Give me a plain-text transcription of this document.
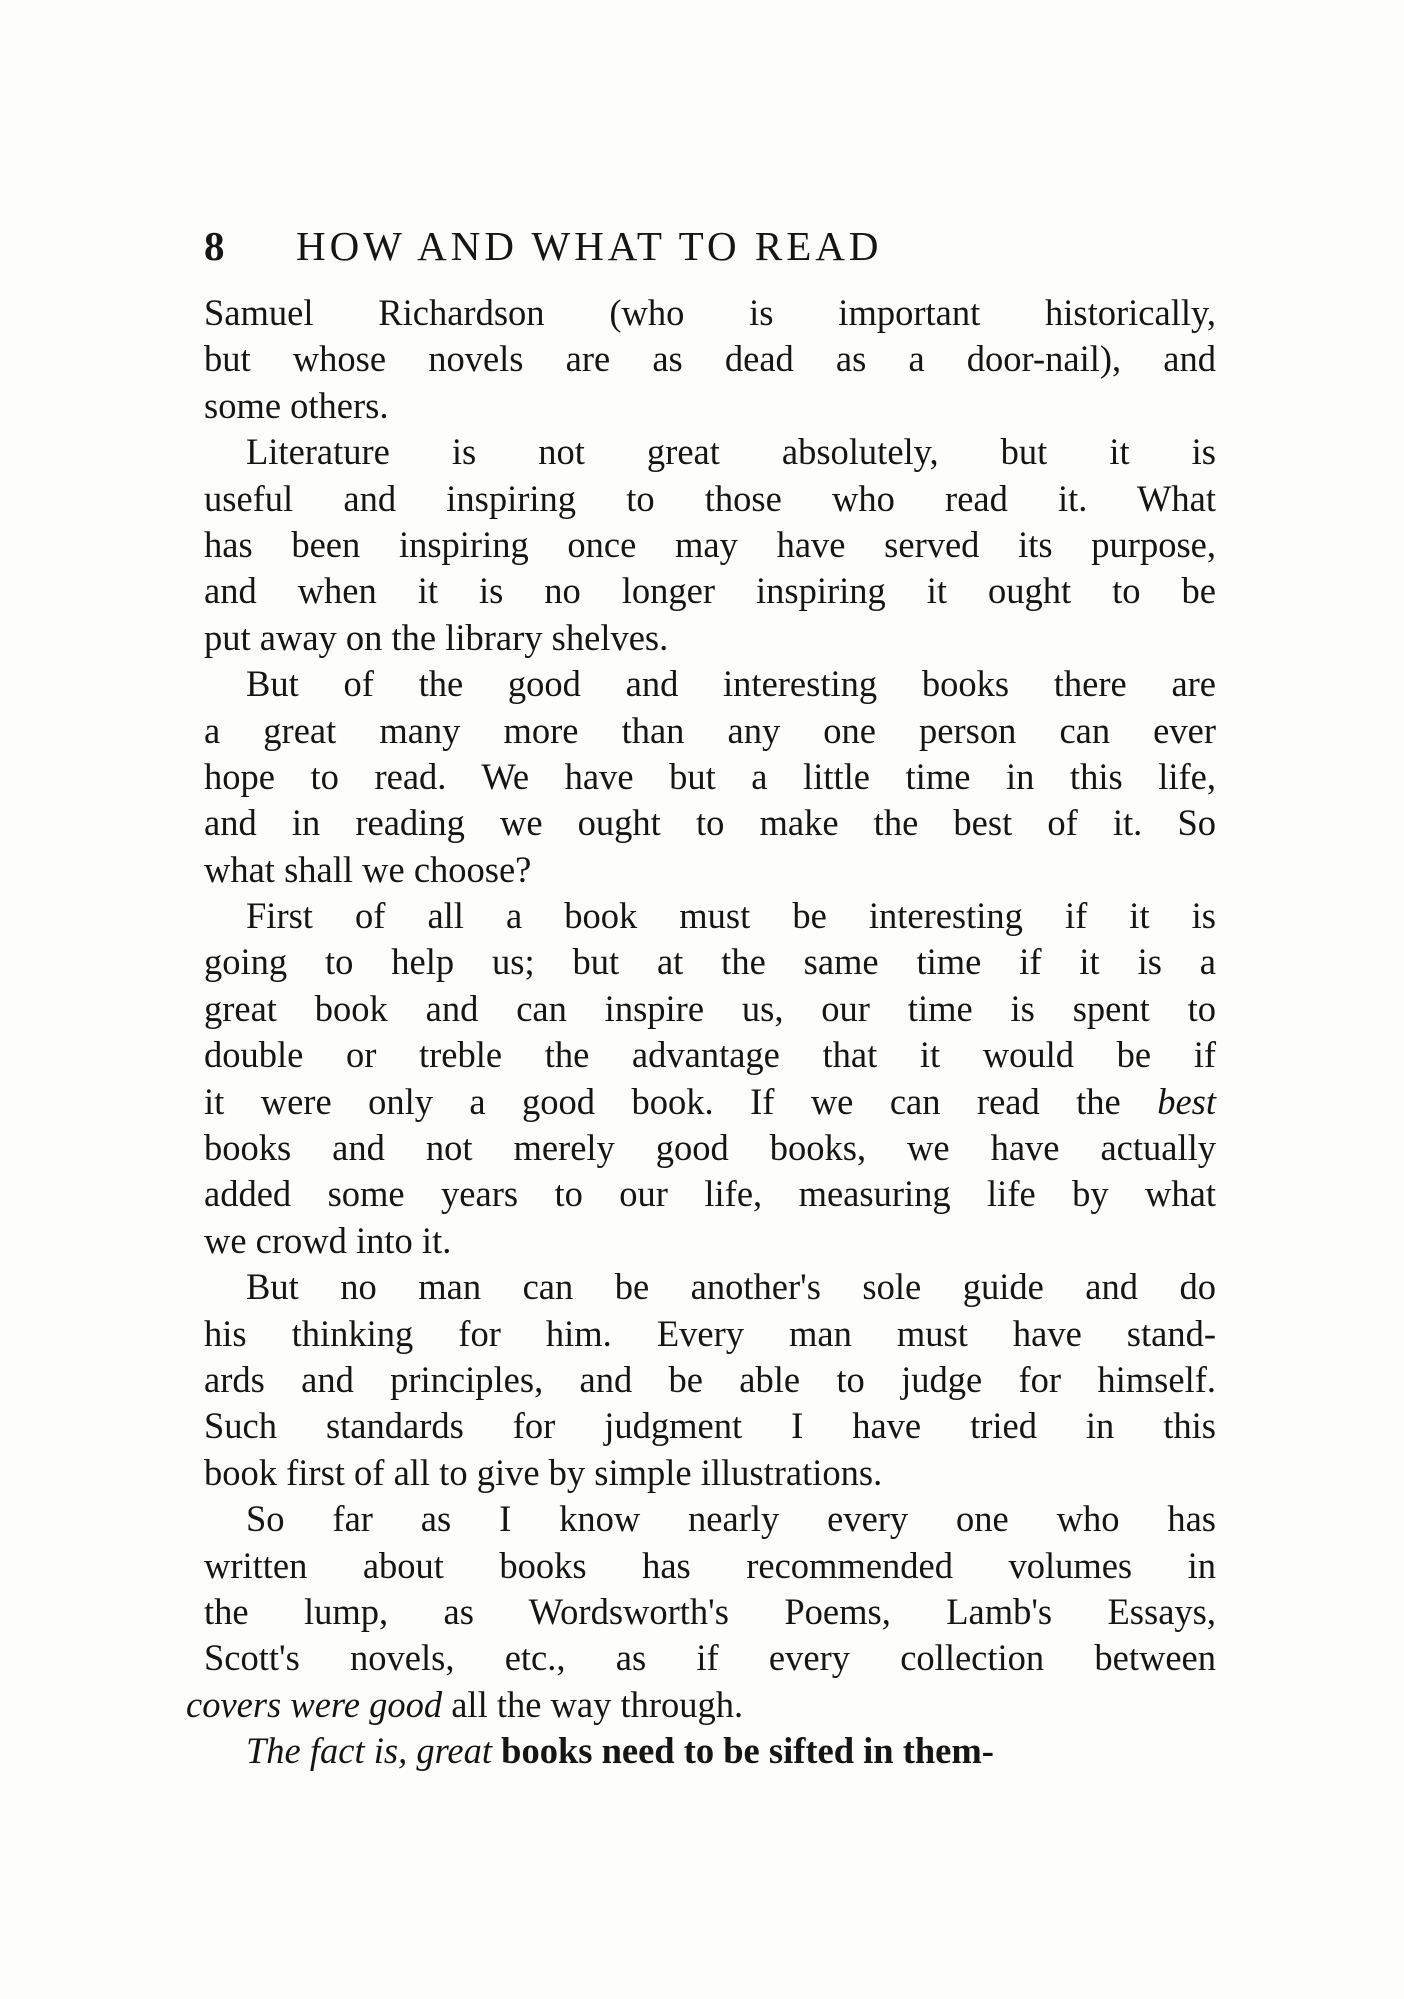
8	HOW AND WHAT TO READ
Samuel Richardson (who is important historically,
but whose novels are as dead as a door-nail), and
some others.
Literature is not great absolutely, but it is
useful and inspiring to those who read it. What
has been inspiring once may have served its purpose,
and when it is no longer inspiring it ought to be
put away on the library shelves.
But of the good and interesting books there are
a great many more than any one person can ever
hope to read. We have but a little time in this life,
and in reading we ought to make the best of it. So
what shall we choose?
First of all a book must be interesting if it is
going to help us; but at the same time if it is a
great book and can inspire us, our time is spent to
double or treble the advantage that it would be if
it were only a good book. If we can read the best
books and not merely good books, we have actually
added some years to our life, measuring life by what
we crowd into it.
But no man can be another's sole guide and do
his thinking for him. Every man must have stand-
ards and principles, and be able to judge for himself.
Such standards for judgment I have tried in this
book first of all to give by simple illustrations.
So far as I know nearly every one who has
written about books has recommended volumes in
the lump, as Wordsworth's Poems, Lamb's Essays,
Scott's novels, etc., as if every collection between
covers were good all the way through.
The fact is, great books need to be sifted in them-
